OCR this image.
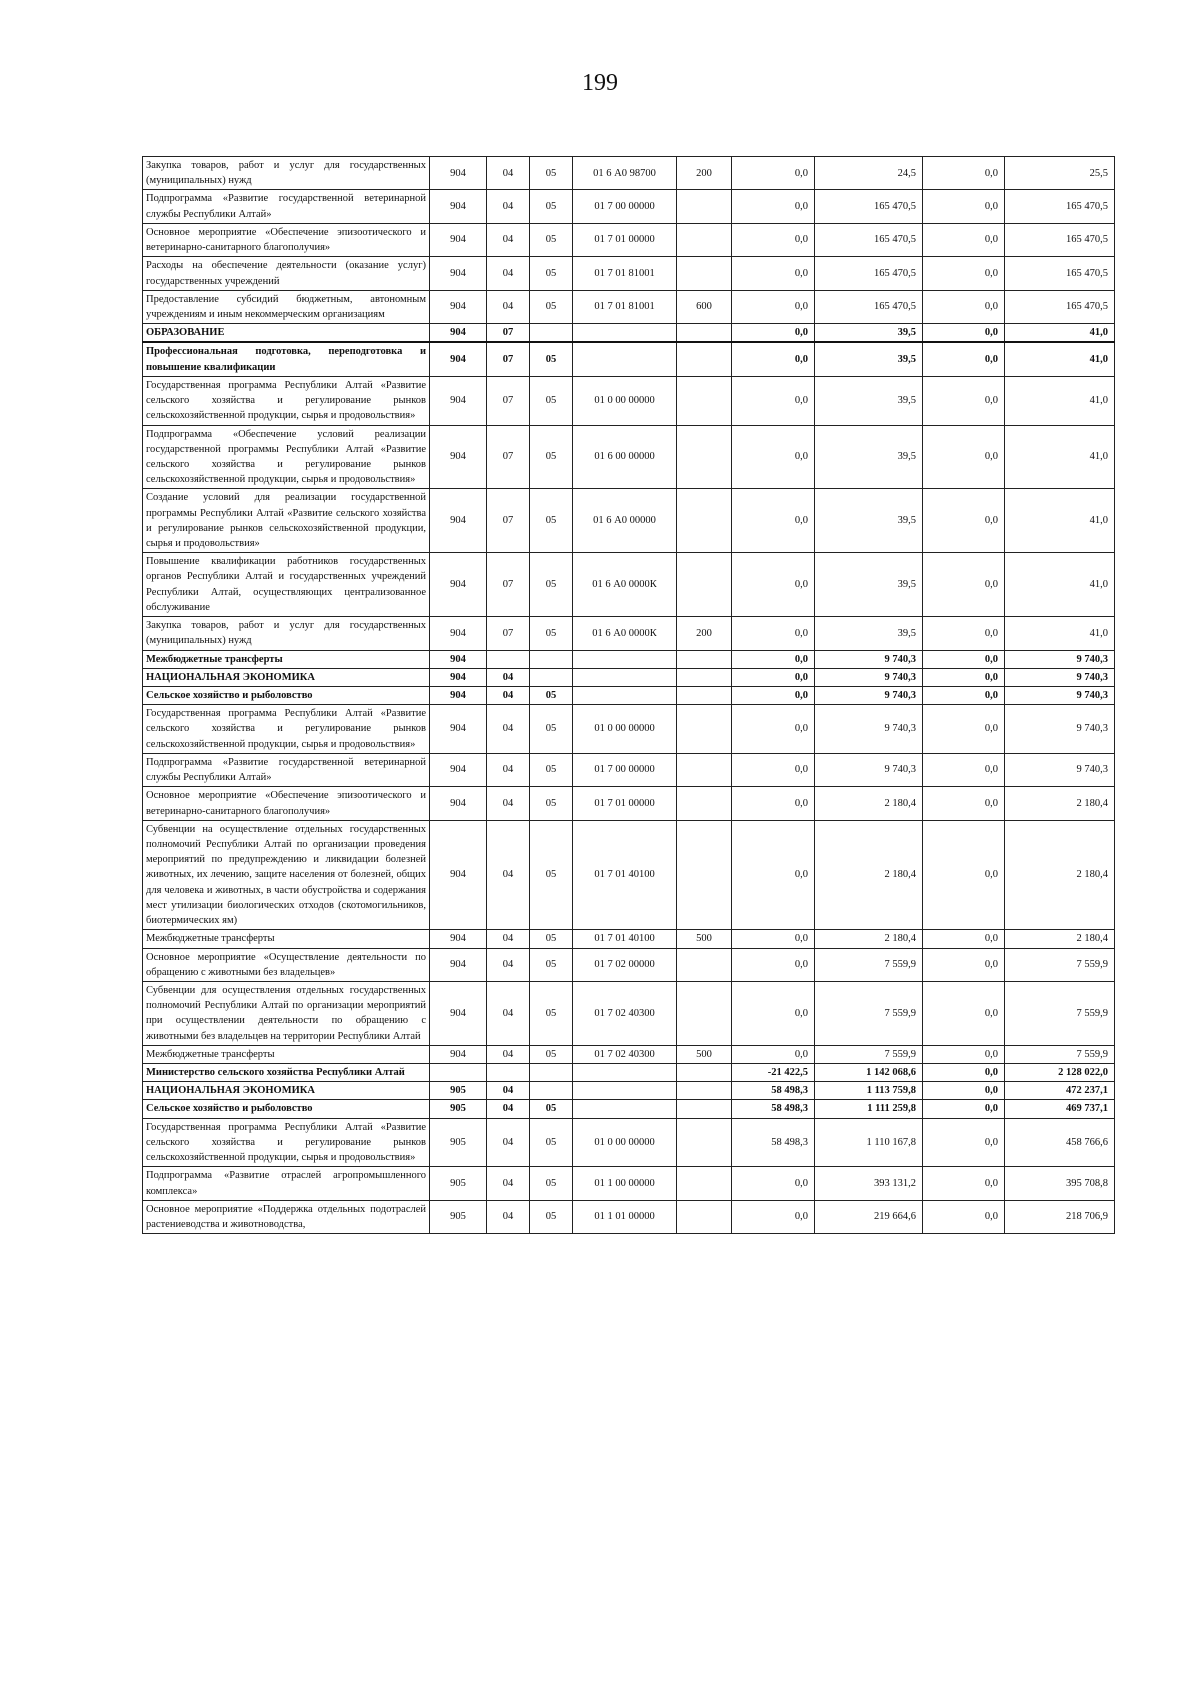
199
Закупка товаров, работ и услуг для государственных (муниципальных) нужд	904	04	05	01 6 А0 98700	200	0,0	24,5	0,0	25,5
Подпрограмма «Развитие государственной ветеринарной службы Республики Алтай»	904	04	05	01 7 00 00000		0,0	165 470,5	0,0	165 470,5
Основное мероприятие «Обеспечение эпизоотического и ветеринарно-санитарного благополучия»	904	04	05	01 7 01 00000		0,0	165 470,5	0,0	165 470,5
Расходы на обеспечение деятельности (оказание услуг) государственных учреждений	904	04	05	01 7 01 81001		0,0	165 470,5	0,0	165 470,5
Предоставление субсидий бюджетным, автономным учреждениям и иным некоммерческим организациям	904	04	05	01 7 01 81001	600	0,0	165 470,5	0,0	165 470,5
ОБРАЗОВАНИЕ	904	07				0,0	39,5	0,0	41,0
Профессиональная подготовка, переподготовка и повышение квалификации	904	07	05			0,0	39,5	0,0	41,0
Государственная программа Республики Алтай «Развитие сельского хозяйства и регулирование рынков сельскохозяйственной продукции, сырья и продовольствия»	904	07	05	01 0 00 00000		0,0	39,5	0,0	41,0
Подпрограмма «Обеспечение условий реализации государственной программы Республики Алтай «Развитие сельского хозяйства и регулирование рынков сельскохозяйственной продукции, сырья и продовольствия»	904	07	05	01 6 00 00000		0,0	39,5	0,0	41,0
Создание условий для реализации государственной программы Республики Алтай «Развитие сельского хозяйства и регулирование рынков сельскохозяйственной продукции, сырья и продовольствия»	904	07	05	01 6 А0 00000		0,0	39,5	0,0	41,0
Повышение квалификации работников государственных органов Республики Алтай и государственных учреждений Республики Алтай, осуществляющих централизованное обслуживание	904	07	05	01 6 А0 0000К		0,0	39,5	0,0	41,0
Закупка товаров, работ и услуг для государственных (муниципальных) нужд	904	07	05	01 6 А0 0000К	200	0,0	39,5	0,0	41,0
Межбюджетные трансферты	904					0,0	9 740,3	0,0	9 740,3
НАЦИОНАЛЬНАЯ ЭКОНОМИКА	904	04				0,0	9 740,3	0,0	9 740,3
Сельское хозяйство и рыболовство	904	04	05			0,0	9 740,3	0,0	9 740,3
Государственная программа Республики Алтай «Развитие сельского хозяйства и регулирование рынков сельскохозяйственной продукции, сырья и продовольствия»	904	04	05	01 0 00 00000		0,0	9 740,3	0,0	9 740,3
Подпрограмма «Развитие государственной ветеринарной службы Республики Алтай»	904	04	05	01 7 00 00000		0,0	9 740,3	0,0	9 740,3
Основное мероприятие «Обеспечение эпизоотического и ветеринарно-санитарного благополучия»	904	04	05	01 7 01 00000		0,0	2 180,4	0,0	2 180,4
Субвенции на осуществление отдельных государственных полномочий Республики Алтай по организации проведения мероприятий по предупреждению и ликвидации болезней животных, их лечению, защите населения от болезней, общих для человека и животных, в части обустройства и содержания мест утилизации биологических отходов (скотомогильников, биотермических ям)	904	04	05	01 7 01 40100		0,0	2 180,4	0,0	2 180,4
Межбюджетные трансферты	904	04	05	01 7 01 40100	500	0,0	2 180,4	0,0	2 180,4
Основное мероприятие «Осуществление деятельности по обращению с животными без владельцев»	904	04	05	01 7 02 00000		0,0	7 559,9	0,0	7 559,9
Субвенции для осуществления отдельных государственных полномочий Республики Алтай по организации мероприятий при осуществлении деятельности по обращению с животными без владельцев на территории Республики Алтай	904	04	05	01 7 02 40300		0,0	7 559,9	0,0	7 559,9
Межбюджетные трансферты	904	04	05	01 7 02 40300	500	0,0	7 559,9	0,0	7 559,9
Министерство сельского хозяйства Республики Алтай						-21 422,5	1 142 068,6	0,0	2 128 022,0
НАЦИОНАЛЬНАЯ ЭКОНОМИКА	905	04				58 498,3	1 113 759,8	0,0	472 237,1
Сельское хозяйство и рыболовство	905	04	05			58 498,3	1 111 259,8	0,0	469 737,1
Государственная программа Республики Алтай «Развитие сельского хозяйства и регулирование рынков сельскохозяйственной продукции, сырья и продовольствия»	905	04	05	01 0 00 00000		58 498,3	1 110 167,8	0,0	458 766,6
Подпрограмма «Развитие отраслей агропромышленного комплекса»	905	04	05	01 1 00 00000		0,0	393 131,2	0,0	395 708,8
Основное мероприятие «Поддержка отдельных подотраслей растениеводства и животноводства,	905	04	05	01 1 01 00000		0,0	219 664,6	0,0	218 706,9
